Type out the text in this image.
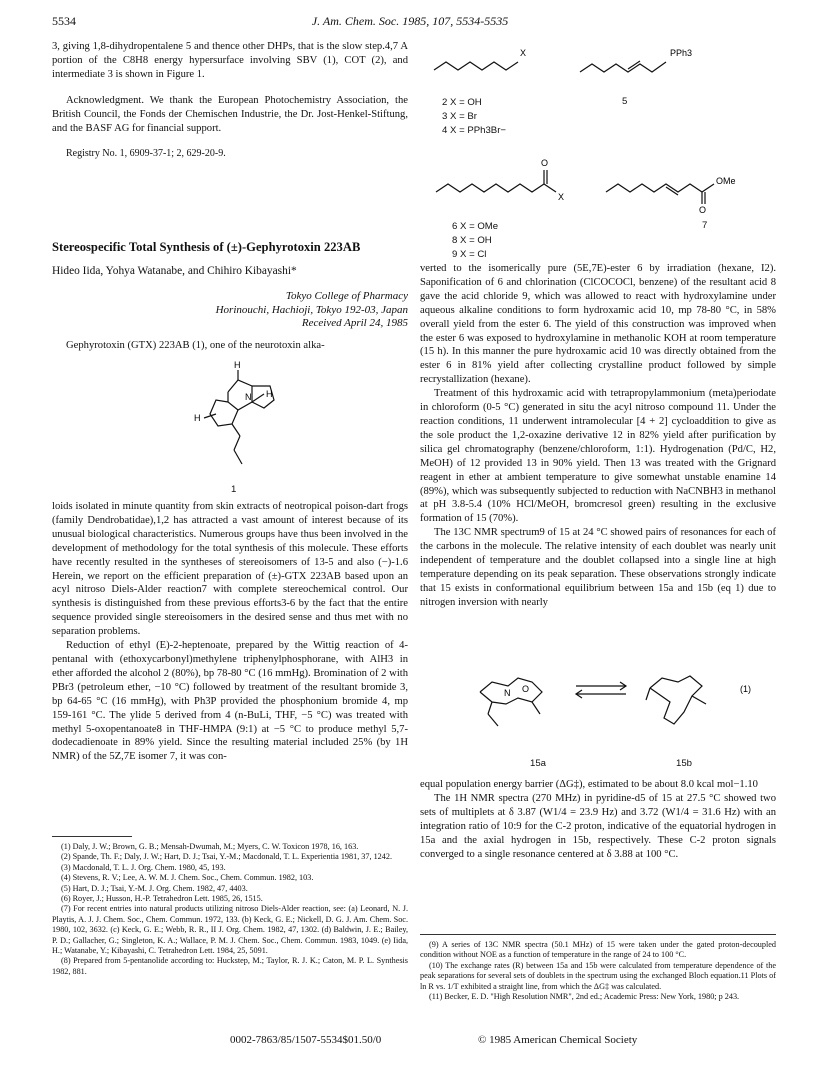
5534	J. Am. Chem. Soc. 1985, 107, 5534-5535

3, giving 1,8-dihydropentalene 5 and thence other DHPs, that is the slow step.4,7 A portion of the C8H8 energy hypersurface involving SBV (1), COT (2), and intermediate 3 is shown in Figure 1.

Acknowledgment. We thank the European Photochemistry Association, the British Council, the Fonds der Chemischen Industrie, the Dr. Jost-Henkel-Stiftung, and the BASF AG for financial support.

Registry No. 1, 6909-37-1; 2, 629-20-9.

Stereospecific Total Synthesis of (±)-Gephyrotoxin 223AB

Hideo Iida, Yohya Watanabe, and Chihiro Kibayashi*

Tokyo College of Pharmacy
Horinouchi, Hachioji, Tokyo 192-03, Japan
Received April 24, 1985

Gephyrotoxin (GTX) 223AB (1), one of the neurotoxin alka-

H
N H
H
1

loids isolated in minute quantity from skin extracts of neotropical poison-dart frogs (family Dendrobatidae),1,2 has attracted a vast amount of interest because of its unusual biological characteristics. Numerous groups have thus been involved in the development of methodology for the total synthesis of this molecule. These efforts have recently resulted in the syntheses of stereoisomers of 13-5 and also (−)-1.6 Herein, we report on the efficient preparation of (±)-GTX 223AB based upon an acyl nitroso Diels-Alder reaction7 with complete stereochemical control. Our synthesis is distinguished from these previous efforts3-6 by the fact that the entire sequence provided single stereoisomers in the desired sense and thus met with no separation problems.

Reduction of ethyl (E)-2-heptenoate, prepared by the Wittig reaction of 4-pentanal with (ethoxycarbonyl)methylene triphenylphosphorane, with AlH3 in ether afforded the alcohol 2 (80%), bp 78-80 °C (16 mmHg). Bromination of 2 with PBr3 (petroleum ether, −10 °C) followed by treatment of the resultant bromide 3, bp 64-65 °C (16 mmHg), with Ph3P provided the phosphonium bromide 4, mp 159-161 °C. The ylide 5 derived from 4 (n-BuLi, THF, −5 °C) was treated with methyl 5-oxopentanoate8 in THF-HMPA (9:1) at −5 °C to produce methyl 5,7-dodecadienoate in 89% yield. Since the resulting material included 25% (by 1H NMR) of the 5Z,7E isomer 7, it was con-

(1) Daly, J. W.; Brown, G. B.; Mensah-Dwumah, M.; Myers, C. W. Toxicon 1978, 16, 163.

(2) Spande, Th. F.; Daly, J. W.; Hart, D. J.; Tsai, Y.-M.; Macdonald, T. L. Experientia 1981, 37, 1242.

(3) Macdonald, T. L. J. Org. Chem. 1980, 45, 193.

(4) Stevens, R. V.; Lee, A. W. M. J. Chem. Soc., Chem. Commun. 1982, 103.

(5) Hart, D. J.; Tsai, Y.-M. J. Org. Chem. 1982, 47, 4403.

(6) Royer, J.; Husson, H.-P. Tetrahedron Lett. 1985, 26, 1515.

(7) For recent entries into natural products utilizing nitroso Diels-Alder reaction, see: (a) Leonard, N. J. Playtis, A. J. J. Chem. Soc., Chem. Commun. 1972, 133. (b) Keck, G. E.; Nickell, D. G. J. Am. Chem. Soc. 1980, 102, 3632. (c) Keck, G. E.; Webb, R. R., II J. Org. Chem. 1982, 47, 1302. (d) Baldwin, J. E.; Bailey, P. D.; Gallacher, G.; Singleton, K. A.; Wallace, P. M. J. Chem. Soc., Chem. Commun. 1983, 1049. (e) Iida, H.; Watanabe, Y.; Kibayashi, C. Tetrahedron Lett. 1984, 25, 5091.

(8) Prepared from 5-pentanolide according to: Huckstep, M.; Taylor, R. J. K.; Caton, M. P. L. Synthesis 1982, 881.

X	PPh3
2 X = OH
3 X = Br
4 X = PPh3Br−
5
O
X
OMe
O
6 X = OMe
8 X = OH
9 X = Cl
7

verted to the isomerically pure (5E,7E)-ester 6 by irradiation (hexane, I2). Saponification of 6 and chlorination (ClCOCOCl, benzene) of the resultant acid 8 gave the acid chloride 9, which was allowed to react with hydroxylamine under aqueous alkaline conditions to form hydroxamic acid 10, mp 78-80 °C, in 58% overall yield from the ester 6. The yield of this construction was improved when the ester 6 was exposed to hydroxylamine in methanolic KOH at room temperature (15 h). In this manner the pure hydroxamic acid 10 was directly obtained from the ester 6 in 81% yield after collecting crystalline product followed by simple recrystallization (hexane).

Treatment of this hydroxamic acid with tetrapropylammonium (meta)periodate in chloroform (0-5 °C) generated in situ the acyl nitroso compound 11. Under the reaction conditions, 11 underwent intramolecular [4 + 2] cycloaddition to give as the sole product the 1,2-oxazine derivative 12 in 82% yield after purification by silica gel chromatography (benzene/chloroform, 1:1). Hydrogenation (Pd/C, H2, MeOH) of 12 provided 13 in 90% yield. Then 13 was treated with the Grignard reagent in ether at ambient temperature to give somewhat unstable enamine 14 (89%), which was subsequently subjected to reduction with NaCNBH3 in methanol at pH 3.8-5.4 (10% HCl/MeOH, bromcresol green) resulting in the exclusive formation of 15 (70%).

The 13C NMR spectrum9 of 15 at 24 °C showed pairs of resonances for each of the carbons in the molecule. The relative intensity of each doublet was nearly unit independent of temperature and the doublet collapsed into a single line at high temperature depending on its peak separation. These observations strongly indicate that 15 exists in conformational equilibrium between 15a and 15b (eq 1) due to nitrogen inversion with nearly

N O	(1)
15a	15b

equal population energy barrier (ΔG‡), estimated to be about 8.0 kcal mol−1.10

The 1H NMR spectra (270 MHz) in pyridine-d5 of 15 at 27.5 °C showed two sets of multiplets at δ 3.87 (W1/4 = 23.9 Hz) and 3.72 (W1/4 = 31.6 Hz) with an integration ratio of 10:9 for the C-2 proton, indicative of the equatorial hydrogen in 15a and the axial hydrogen in 15b, respectively. These C-2 proton signals converged to a single resonance centered at δ 3.88 at 100 °C.

(9) A series of 13C NMR spectra (50.1 MHz) of 15 were taken under the gated proton-decoupled condition without NOE as a function of temperature in the range of 24 to 100 °C.

(10) The exchange rates (R) between 15a and 15b were calculated from temperature dependence of the peak separations for several sets of doublets in the spectrum using the exchanged Bloch equation.11 Plots of ln R vs. 1/T exhibited a straight line, from which the ΔG‡ was calculated.

(11) Becker, E. D. "High Resolution NMR", 2nd ed.; Academic Press: New York, 1980; p 243.

0002-7863/85/1507-5534$01.50/0	© 1985 American Chemical Society
